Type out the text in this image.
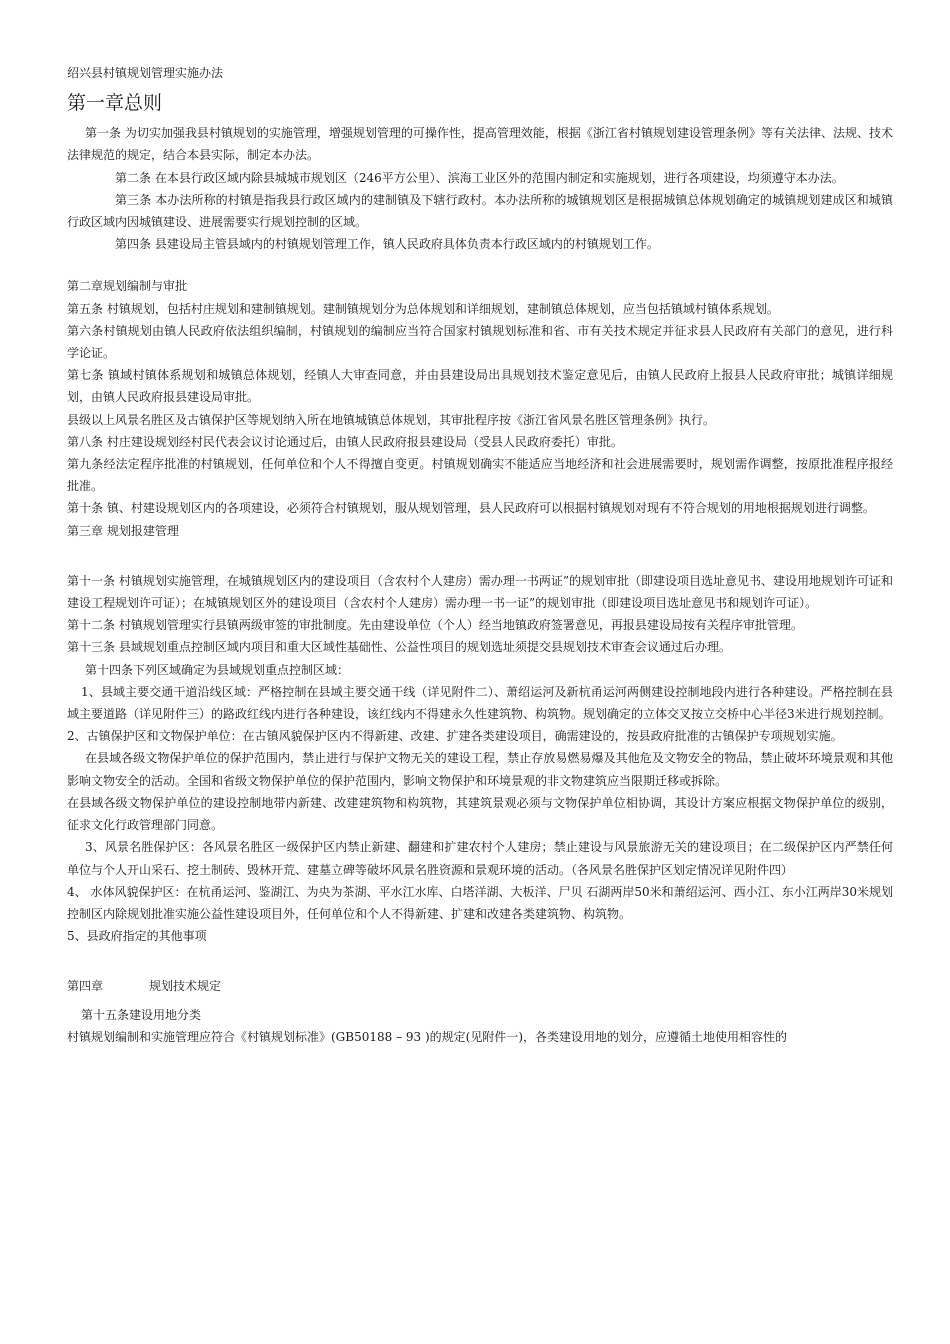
绍兴县村镇规划管理实施办法

第一章总则

第一条 为切实加强我县村镇规划的实施管理，增强规划管理的可操作性，提高管理效能，根据《浙江省村镇规划建设管理条例》等有关法律、法规、技术法律规范的规定，结合本县实际，制定本办法。

第二条 在本县行政区域内除县城城市规划区（246平方公里）、滨海工业区外的范围内制定和实施规划，进行各项建设，均须遵守本办法。

第三条 本办法所称的村镇是指我县行政区域内的建制镇及下辖行政村。本办法所称的城镇规划区是根据城镇总体规划确定的城镇规划建成区和城镇行政区域内因城镇建设、进展需要实行规划控制的区域。

第四条 县建设局主管县域内的村镇规划管理工作，镇人民政府具体负责本行政区域内的村镇规划工作。

第二章规划编制与审批

第五条 村镇规划，包括村庄规划和建制镇规划。建制镇规划分为总体规划和详细规划，建制镇总体规划，应当包括镇域村镇体系规划。

第六条村镇规划由镇人民政府依法组织编制，村镇规划的编制应当符合国家村镇规划标准和省、市有关技术规定并征求县人民政府有关部门的意见，进行科学论证。

第七条 镇域村镇体系规划和城镇总体规划，经镇人大审查同意，并由县建设局出具规划技术鉴定意见后，由镇人民政府上报县人民政府审批；城镇详细规划，由镇人民政府报县建设局审批。

县级以上风景名胜区及古镇保护区等规划纳入所在地镇城镇总体规划，其审批程序按《浙江省风景名胜区管理条例》执行。

第八条 村庄建设规划经村民代表会议讨论通过后，由镇人民政府报县建设局（受县人民政府委托）审批。

第九条经法定程序批准的村镇规划，任何单位和个人不得擅自变更。村镇规划确实不能适应当地经济和社会进展需要时，规划需作调整，按原批准程序报经批准。

第十条 镇、村建设规划区内的各项建设，必须符合村镇规划，服从规划管理，县人民政府可以根据村镇规划对现有不符合规划的用地根据规划进行调整。

第三章 规划报建管理

第十一条 村镇规划实施管理，在城镇规划区内的建设项目（含农村个人建房）需办理一书两证”的规划审批（即建设项目选址意见书、建设用地规划许可证和建设工程规划许可证）；在城镇规划区外的建设项目（含农村个人建房）需办理一书一证”的规划审批（即建设项目选址意见书和规划许可证）。

第十二条 村镇规划管理实行县镇两级审签的审批制度。先由建设单位（个人）经当地镇政府签署意见，再报县建设局按有关程序审批管理。

第十三条 县域规划重点控制区域内项目和重大区域性基础性、公益性项目的规划选址须提交县规划技术审查会议通过后办理。

第十四条下列区域确定为县域规划重点控制区域：

1、县域主要交通干道沿线区域：严格控制在县域主要交通干线（详见附件二）、萧绍运河及新杭甬运河两侧建设控制地段内进行各种建设。严格控制在县域主要道路（详见附件三）的路政红线内进行各种建设，该红线内不得建永久性建筑物、构筑物。规划确定的立体交叉按立交桥中心半径3米进行规划控制。

2、古镇保护区和文物保护单位：在古镇风貌保护区内不得新建、改建、扩建各类建设项目，确需建设的，按县政府批准的古镇保护专项规划实施。

在县域各级文物保护单位的保护范围内，禁止进行与保护文物无关的建设工程，禁止存放易燃易爆及其他危及文物安全的物品，禁止破坏环境景观和其他影响文物安全的活动。全国和省级文物保护单位的保护范围内，影响文物保护和环境景观的非文物建筑应当限期迁移或拆除。

在县域各级文物保护单位的建设控制地带内新建、改建建筑物和构筑物，其建筑景观必须与文物保护单位相协调，其设计方案应根据文物保护单位的级别，征求文化行政管理部门同意。

3、风景名胜保护区：各风景名胜区一级保护区内禁止新建、翻建和扩建农村个人建房；禁止建设与风景旅游无关的建设项目；在二级保护区内严禁任何单位与个人开山采石、挖土制砖、毁林开荒、建墓立碑等破坏风景名胜资源和景观环境的活动。（各风景名胜保护区划定情况详见附件四）

4、 水体风貌保护区：在杭甬运河、鉴湖江、为央为茶湖、平水江水库、白塔洋湖、大板洋、尸贝 石湖两岸50米和萧绍运河、西小江、东小江两岸30米规划控制区内除规划批准实施公益性建设项目外，任何单位和个人不得新建、扩建和改建各类建筑物、构筑物。

5、县政府指定的其他事项

第四章	规划技术规定

第十五条建设用地分类

村镇规划编制和实施管理应符合《村镇规划标准》(GB50188 – 93 )的规定(见附件一)，各类建设用地的划分，应遵循土地使用相容性的
